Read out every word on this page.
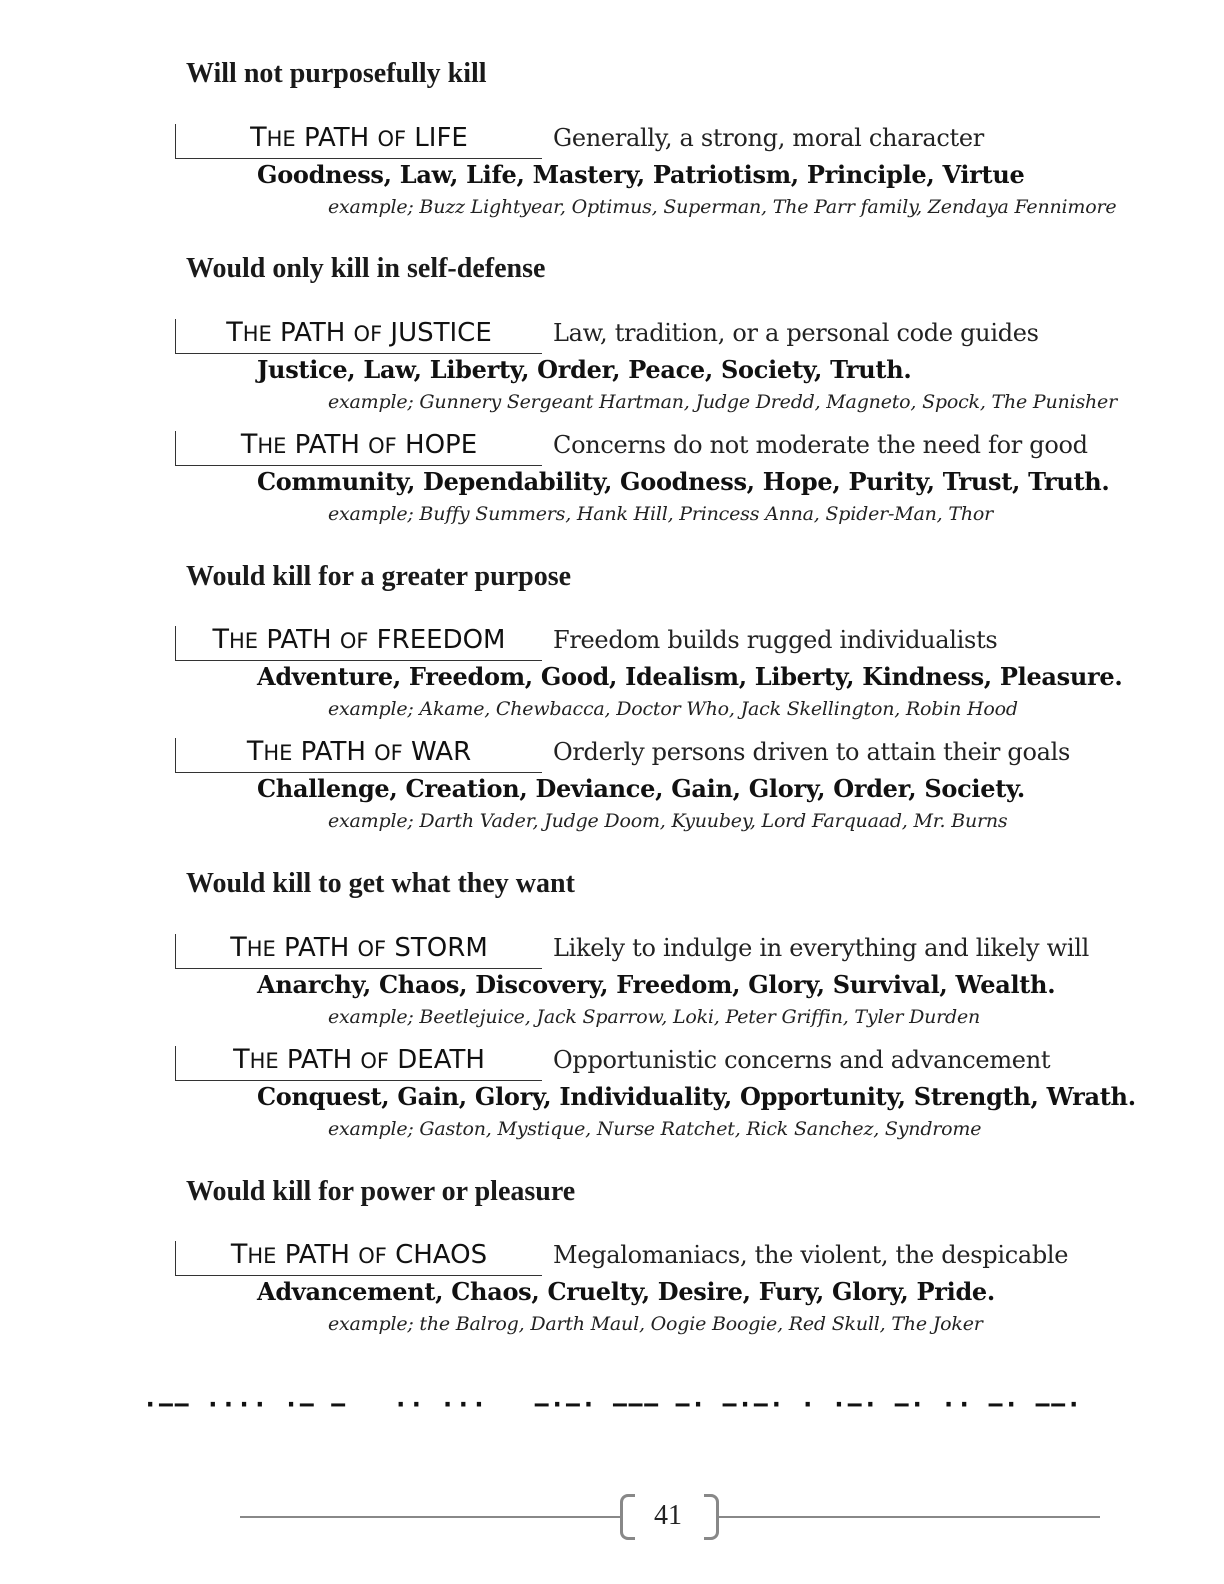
Will not purposefully kill
THE PATH OF LIFE	Generally, a strong, moral character
Goodness, Law, Life, Mastery, Patriotism, Principle, Virtue
example; Buzz Lightyear, Optimus, Superman, The Parr family, Zendaya Fennimore
Would only kill in self-defense
THE PATH OF JUSTICE	Law, tradition, or a personal code guides
Justice, Law, Liberty, Order, Peace, Society, Truth.
example; Gunnery Sergeant Hartman, Judge Dredd, Magneto, Spock, The Punisher
THE PATH OF HOPE	Concerns do not moderate the need for good
Community, Dependability, Goodness, Hope, Purity, Trust, Truth.
example; Buffy Summers, Hank Hill, Princess Anna, Spider-Man, Thor
Would kill for a greater purpose
THE PATH OF FREEDOM	Freedom builds rugged individualists
Adventure, Freedom, Good, Idealism, Liberty, Kindness, Pleasure.
example; Akame, Chewbacca, Doctor Who, Jack Skellington, Robin Hood
THE PATH OF WAR	Orderly persons driven to attain their goals
Challenge, Creation, Deviance, Gain, Glory, Order, Society.
example; Darth Vader, Judge Doom, Kyuubey, Lord Farquaad, Mr. Burns
Would kill to get what they want
THE PATH OF STORM	Likely to indulge in everything and likely will
Anarchy, Chaos, Discovery, Freedom, Glory, Survival, Wealth.
example; Beetlejuice, Jack Sparrow, Loki, Peter Griffin, Tyler Durden
THE PATH OF DEATH	Opportunistic concerns and advancement
Conquest, Gain, Glory, Individuality, Opportunity, Strength, Wrath.
example; Gaston, Mystique, Nurse Ratchet, Rick Sanchez, Syndrome
Would kill for power or pleasure
THE PATH OF CHAOS	Megalomaniacs, the violent, the despicable
Advancement, Chaos, Cruelty, Desire, Fury, Glory, Pride.
example; the Balrog, Darth Maul, Oogie Boogie, Red Skull, The Joker
·−− ···· ·− −   ·· ···   −·−· −−− −· −·−· · ·−· −· ·· −· −−·
41
